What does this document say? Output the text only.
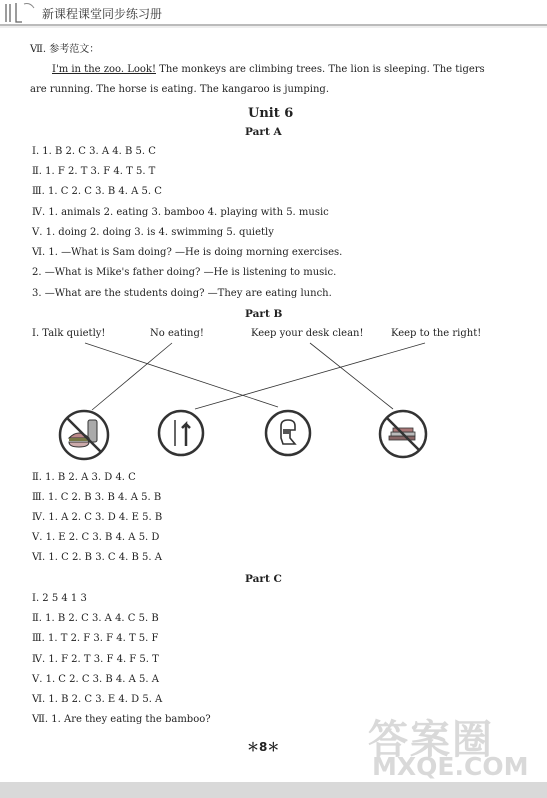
新课程课堂同步练习册
Ⅶ. 参考范文：
I'm in the zoo. Look! The monkeys are climbing trees. The lion is sleeping. The tigers
are running. The horse is eating. The kangaroo is jumping.
Unit 6
Part A
Ⅰ. 1. B 2. C 3. A 4. B 5. C
Ⅱ. 1. F 2. T 3. F 4. T 5. T
Ⅲ. 1. C 2. C 3. B 4. A 5. C
Ⅳ. 1. animals 2. eating 3. bamboo 4. playing with 5. music
Ⅴ. 1. doing 2. doing 3. is 4. swimming 5. quietly
Ⅵ. 1. —What is Sam doing? —He is doing morning exercises.
2. —What is Mike's father doing? —He is listening to music.
3. —What are the students doing? —They are eating lunch.
Part B
Ⅰ. Talk quietly!	No eating!	Keep your desk clean!	Keep to the right!
Ⅱ. 1. B 2. A 3. D 4. C
Ⅲ. 1. C 2. B 3. B 4. A 5. B
Ⅳ. 1. A 2. C 3. D 4. E 5. B
Ⅴ. 1. E 2. C 3. B 4. A 5. D
Ⅵ. 1. C 2. B 3. C 4. B 5. A
Part C
Ⅰ. 2 5 4 1 3
Ⅱ. 1. B 2. C 3. A 4. C 5. B
Ⅲ. 1. T 2. F 3. F 4. T 5. F
Ⅳ. 1. F 2. T 3. F 4. F 5. T
Ⅴ. 1. C 2. C 3. B 4. A 5. A
Ⅵ. 1. B 2. C 3. E 4. D 5. A
Ⅶ. 1. Are they eating the bamboo?
＊8＊ 答案圈
MXQE.COM
